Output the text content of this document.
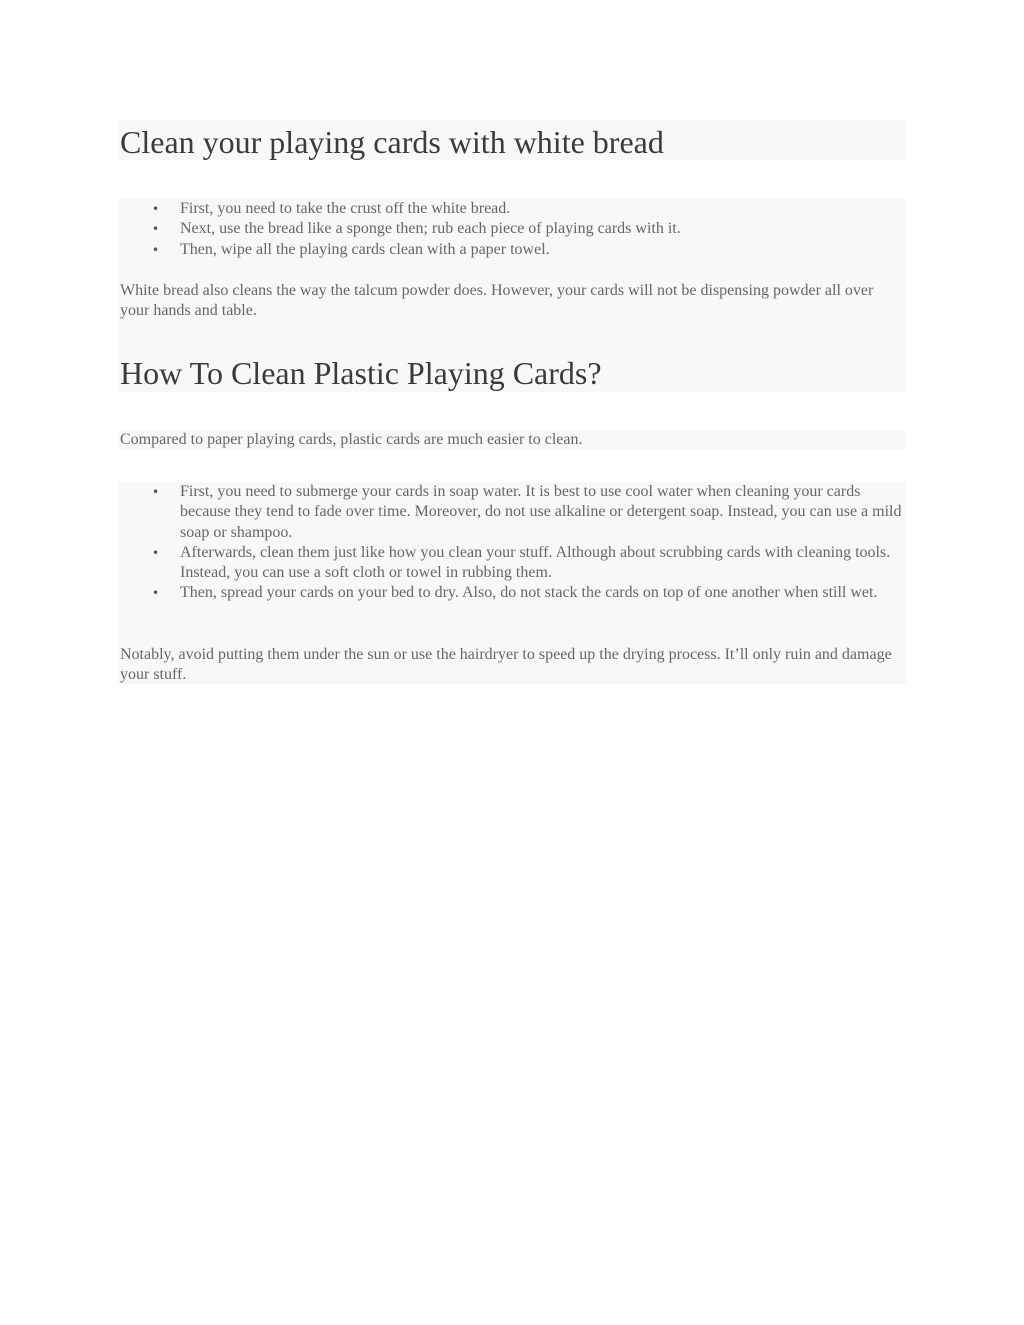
Clean your playing cards with white bread
• First, you need to take the crust off the white bread.
• Next, use the bread like a sponge then; rub each piece of playing cards with it.
• Then, wipe all the playing cards clean with a paper towel.

White bread also cleans the way the talcum powder does. However, your cards will not be dispensing powder all over your hands and table.

How To Clean Plastic Playing Cards?

Compared to paper playing cards, plastic cards are much easier to clean.

• First, you need to submerge your cards in soap water. It is best to use cool water when cleaning your cards because they tend to fade over time. Moreover, do not use alkaline or detergent soap. Instead, you can use a mild soap or shampoo.
• Afterwards, clean them just like how you clean your stuff. Although about scrubbing cards with cleaning tools. Instead, you can use a soft cloth or towel in rubbing them.
• Then, spread your cards on your bed to dry. Also, do not stack the cards on top of one another when still wet.

Notably, avoid putting them under the sun or use the hairdryer to speed up the drying process. It’ll only ruin and damage your stuff.
